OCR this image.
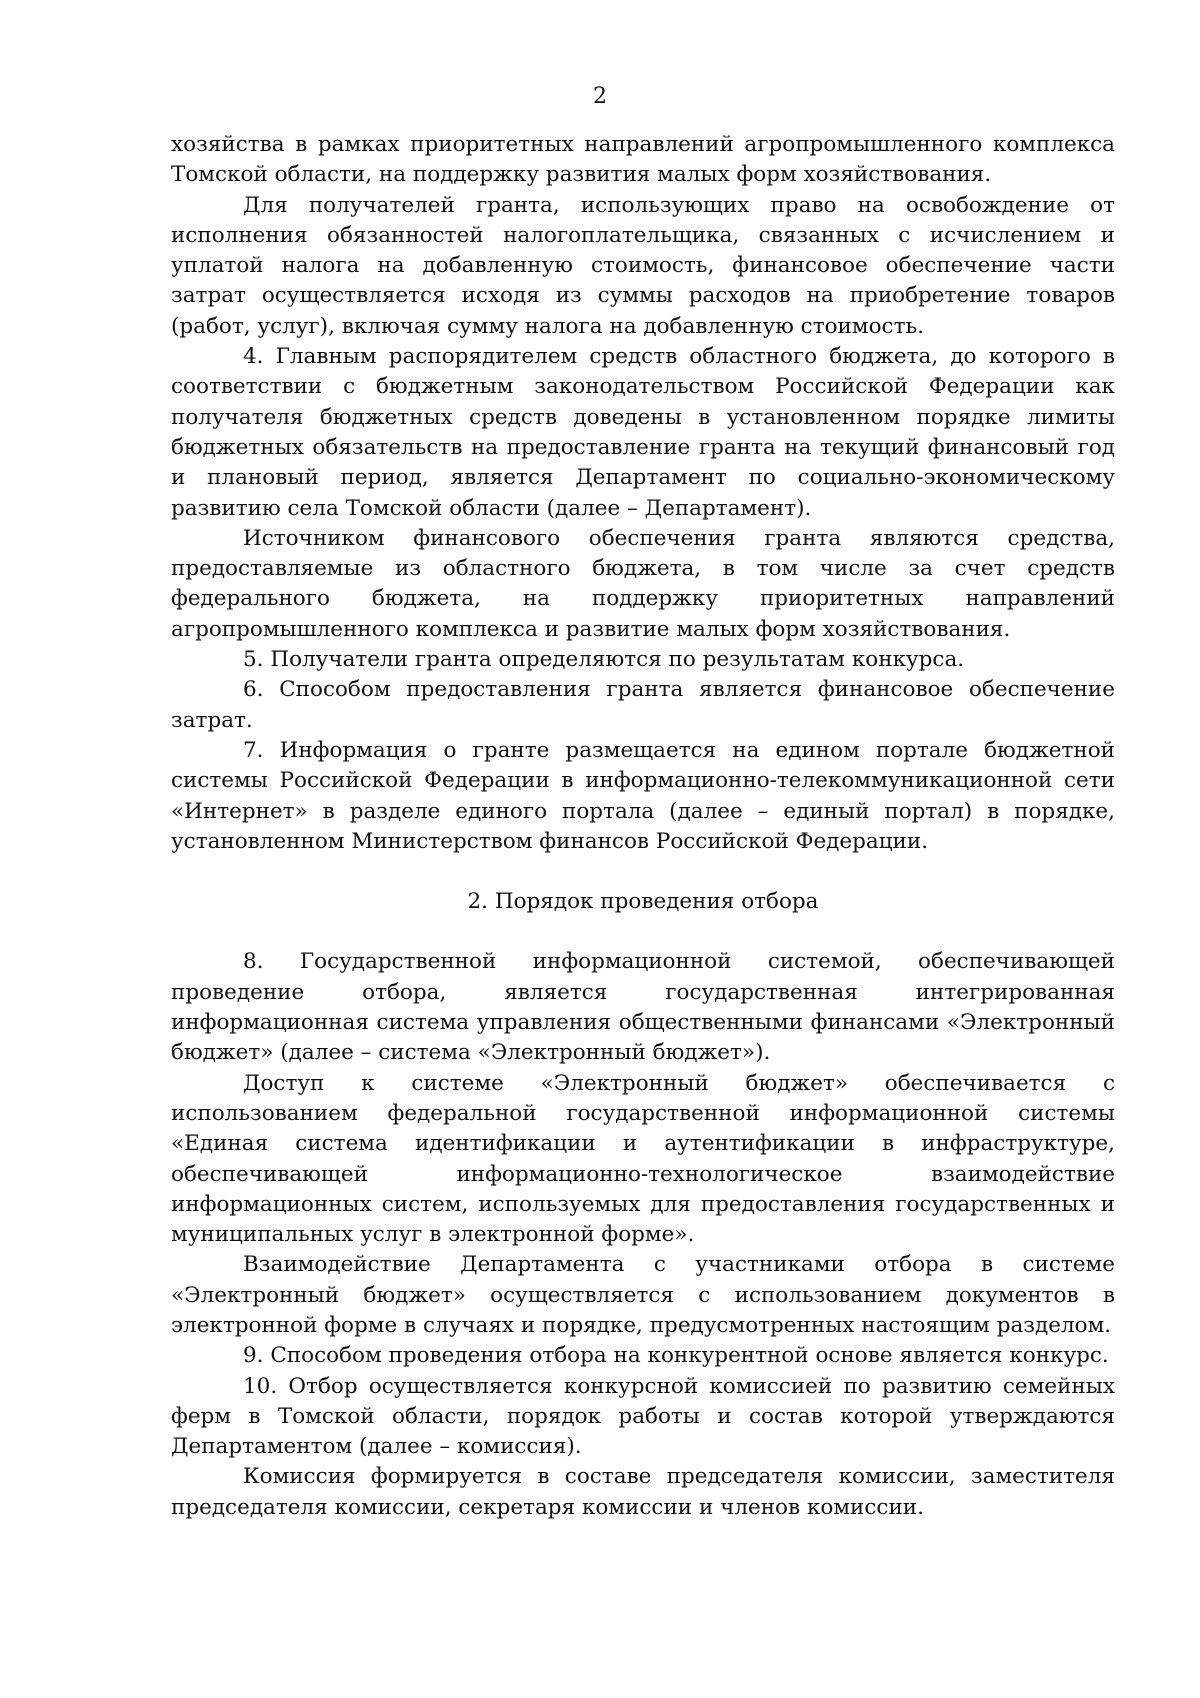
2

хозяйства в рамках приоритетных направлений агропромышленного комплекса Томской области, на поддержку развития малых форм хозяйствования.

Для получателей гранта, использующих право на освобождение от исполнения обязанностей налогоплательщика, связанных с исчислением и уплатой налога на добавленную стоимость, финансовое обеспечение части затрат осуществляется исходя из суммы расходов на приобретение товаров (работ, услуг), включая сумму налога на добавленную стоимость.

4. Главным распорядителем средств областного бюджета, до которого в соответствии с бюджетным законодательством Российской Федерации как получателя бюджетных средств доведены в установленном порядке лимиты бюджетных обязательств на предоставление гранта на текущий финансовый год и плановый период, является Департамент по социально-экономическому развитию села Томской области (далее – Департамент).

Источником финансового обеспечения гранта являются средства, предоставляемые из областного бюджета, в том числе за счет средств федерального бюджета, на поддержку приоритетных направлений агропромышленного комплекса и развитие малых форм хозяйствования.

5. Получатели гранта определяются по результатам конкурса.

6. Способом предоставления гранта является финансовое обеспечение затрат.

7. Информация о гранте размещается на едином портале бюджетной системы Российской Федерации в информационно-телекоммуникационной сети «Интернет» в разделе единого портала (далее – единый портал) в порядке, установленном Министерством финансов Российской Федерации.

2. Порядок проведения отбора

8. Государственной информационной системой, обеспечивающей проведение отбора, является государственная интегрированная информационная система управления общественными финансами «Электронный бюджет» (далее – система «Электронный бюджет»).

Доступ к системе «Электронный бюджет» обеспечивается с использованием федеральной государственной информационной системы «Единая система идентификации и аутентификации в инфраструктуре, обеспечивающей информационно-технологическое взаимодействие информационных систем, используемых для предоставления государственных и муниципальных услуг в электронной форме».

Взаимодействие Департамента с участниками отбора в системе «Электронный бюджет» осуществляется с использованием документов в электронной форме в случаях и порядке, предусмотренных настоящим разделом.

9. Способом проведения отбора на конкурентной основе является конкурс.

10. Отбор осуществляется конкурсной комиссией по развитию семейных ферм в Томской области, порядок работы и состав которой утверждаются Департаментом (далее – комиссия).

Комиссия формируется в составе председателя комиссии, заместителя председателя комиссии, секретаря комиссии и членов комиссии.
